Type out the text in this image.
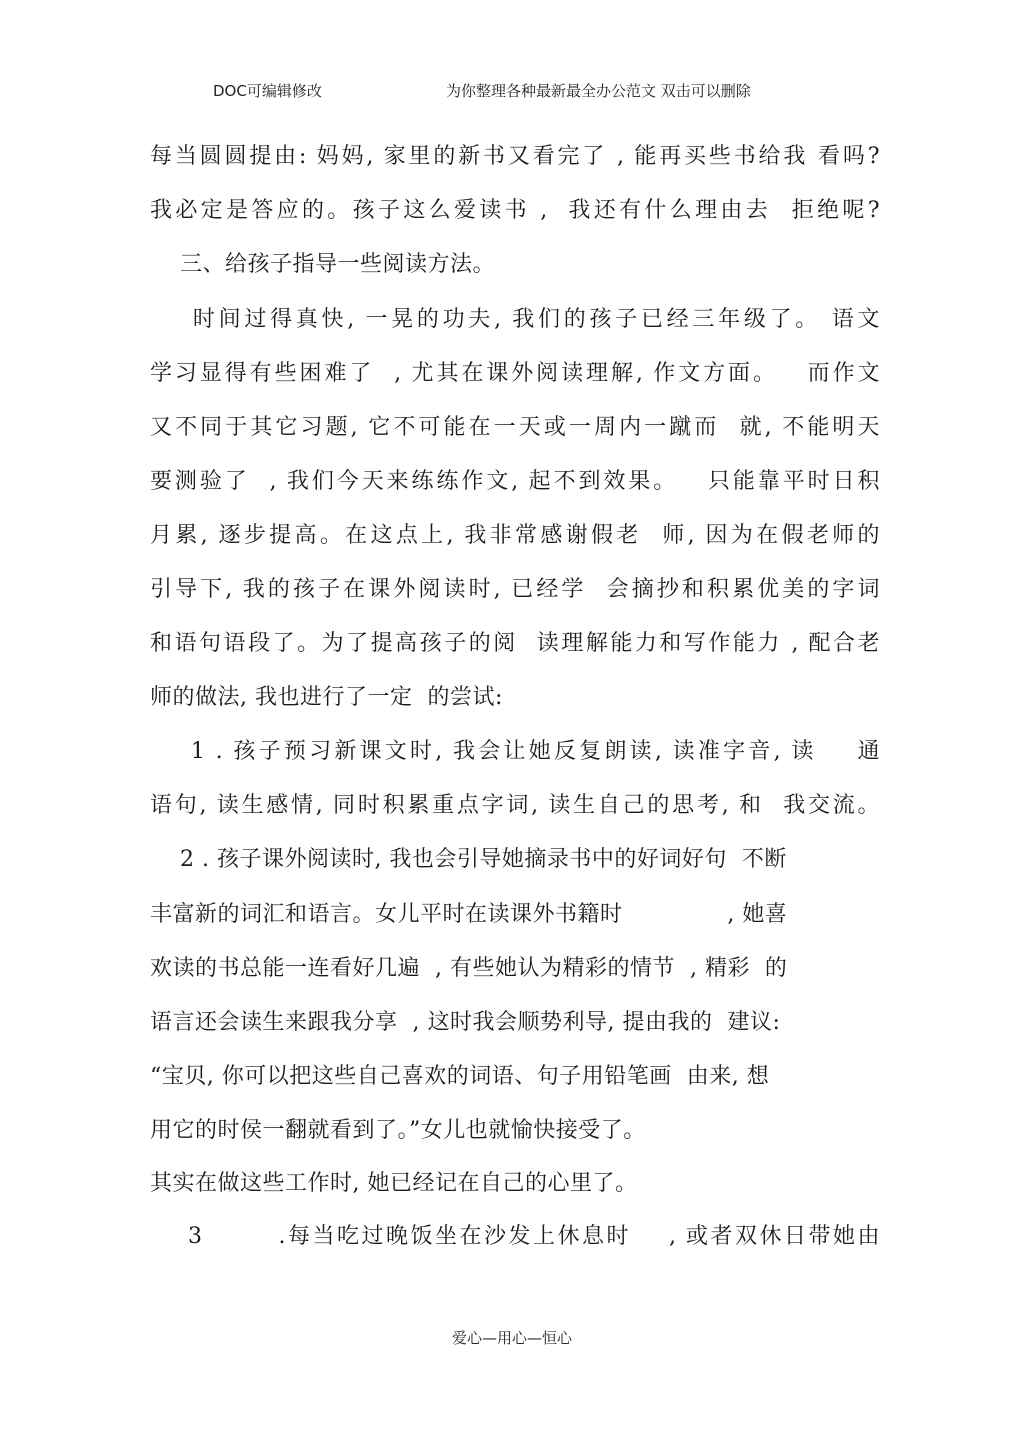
DOC可编辑修改	为你整理各种最新最全办公范文 双击可以删除
每当圆圆提由: 妈妈, 家里的新书又看完了 , 能再买些书给我 看吗?
我必定是答应的。孩子这么爱读书 ,  我还有什么理由去  拒绝呢?
三、给孩子指导一些阅读方法。
时间过得真快, 一晃的功夫, 我们的孩子已经三年级了。 语文
学习显得有些困难了  , 尤其在课外阅读理解, 作文方面。   而作文
又不同于其它习题, 它不可能在一天或一周内一蹴而  就, 不能明天
要测验了  , 我们今天来练练作文, 起不到效果。   只能靠平时日积
月累, 逐步提高。在这点上, 我非常感谢假老  师, 因为在假老师的
引导下, 我的孩子在课外阅读时, 已经学  会摘抄和积累优美的字词
和语句语段了。为了提高孩子的阅  读理解能力和写作能力 , 配合老
师的做法, 我也进行了一定  的尝试:
1 . 孩子预习新课文时, 我会让她反复朗读, 读准字音, 读    通
语句, 读生感情, 同时积累重点字词, 读生自己的思考, 和  我交流。
2 . 孩子课外阅读时, 我也会引导她摘录书中的好词好句  不断
丰富新的词汇和语言。女儿平时在读课外书籍时              , 她喜
欢读的书总能一连看好几遍  , 有些她认为精彩的情节  , 精彩  的
语言还会读生来跟我分享  , 这时我会顺势利导, 提由我的  建议:
“宝贝, 你可以把这些自己喜欢的词语、句子用铅笔画  由来, 想
用它的时侯一翻就看到了。”女儿也就愉快接受了。
其实在做这些工作时, 她已经记在自己的心里了。
3        .每当吃过晚饭坐在沙发上休息时    , 或者双休日带她由
爱心—用心—恒心
